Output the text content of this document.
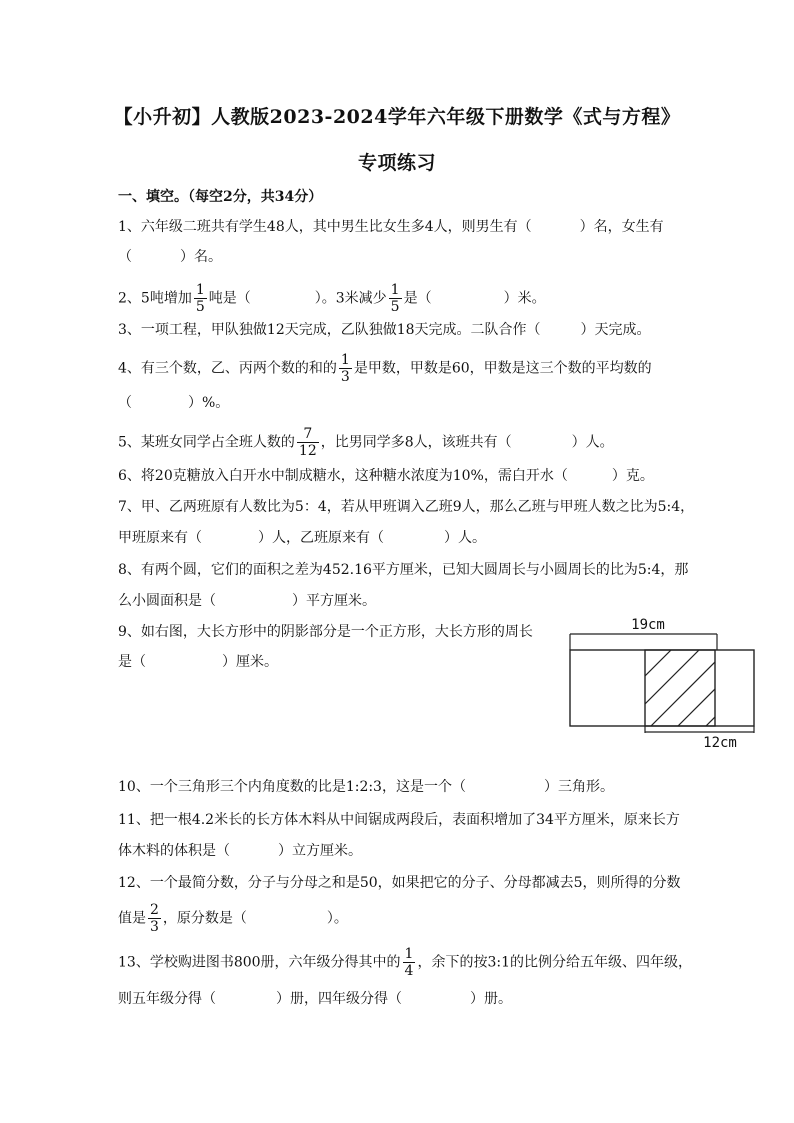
【小升初】人教版2023-2024学年六年级下册数学《式与方程》
专项练习
一、填空。（每空2分，共34分）
1、六年级二班共有学生48人，其中男生比女生多4人，则男生有（	）名，女生有
（	）名。
2、5吨增加 $\frac{1}{5}$ 吨是（	）。3米减少 $\frac{1}{5}$ 是（	）米。
3、一项工程，甲队独做12天完成，乙队独做18天完成。二队合作（	）天完成。
4、有三个数，乙、丙两个数的和的 $\frac{1}{3}$ 是甲数，甲数是60，甲数是这三个数的平均数的
（	）%。
5、某班女同学占全班人数的 $\frac{7}{12}$ ，比男同学多8人，该班共有（	）人。
6、将20克糖放入白开水中制成糖水，这种糖水浓度为10%，需白开水（	）克。
7、甲、乙两班原有人数比为5：4，若从甲班调入乙班9人，那么乙班与甲班人数之比为5:4，
甲班原来有（	）人，乙班原来有（	）人。
8、有两个圆，它们的面积之差为452.16平方厘米，已知大圆周长与小圆周长的比为5:4，那
么小圆面积是（	）平方厘米。
9、如右图，大长方形中的阴影部分是一个正方形，大长方形的周长
是（	）厘米。
19cm
12cm
10、一个三角形三个内角度数的比是1:2:3，这是一个（	）三角形。
11、把一根4.2米长的长方体木料从中间锯成两段后，表面积增加了34平方厘米，原来长方
体木料的体积是（	）立方厘米。
12、一个最简分数，分子与分母之和是50，如果把它的分子、分母都减去5，则所得的分数
值是 $\frac{2}{3}$ ，原分数是（	）。
13、学校购进图书800册，六年级分得其中的 $\frac{1}{4}$ ，余下的按3:1的比例分给五年级、四年级，
则五年级分得（	）册，四年级分得（	）册。
